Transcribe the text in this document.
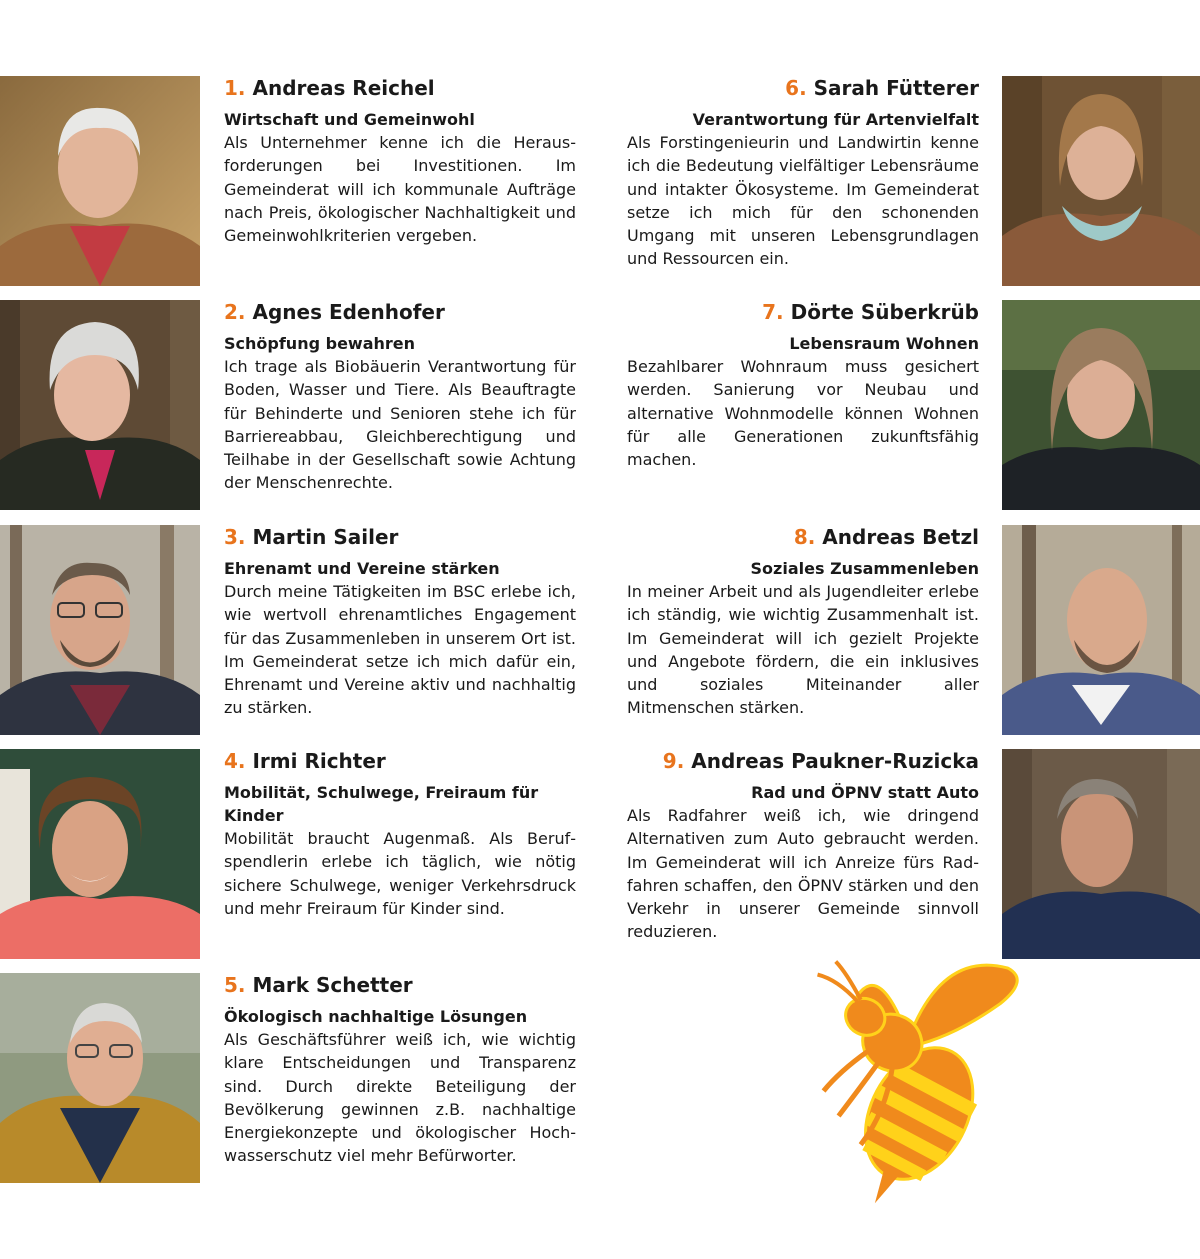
1. Andreas Reichel

Wirtschaft und Gemeinwohl

Als Unternehmer kenne ich die Herausforderungen bei Investitionen. Im Gemeinderat will ich kommunale Aufträge nach Preis, ökologischer Nachhaltigkeit und Gemeinwohlkriterien vergeben.

2. Agnes Edenhofer

Schöpfung bewahren

Ich trage als Biobäuerin Verantwortung für Boden, Wasser und Tiere. Als Beauftragte für Behinderte und Senioren stehe ich für Barriereabbau, Gleichberechtigung und Teilhabe in der Gesellschaft sowie Achtung der Menschenrechte.

3. Martin Sailer

Ehrenamt und Vereine stärken

Durch meine Tätigkeiten im BSC erlebe ich, wie wertvoll ehrenamtliches Engagement für das Zusammenleben in unserem Ort ist. Im Gemeinderat setze ich mich dafür ein, Ehrenamt und Vereine aktiv und nachhaltig zu stärken.

4. Irmi Richter

Mobilität, Schulwege, Freiraum für Kinder

Mobilität braucht Augenmaß. Als Berufspendlerin erlebe ich täglich, wie nötig sichere Schulwege, weniger Verkehrsdruck und mehr Freiraum für Kinder sind.

5. Mark Schetter

Ökologisch nachhaltige Lösungen

Als Geschäftsführer weiß ich, wie wichtig klare Entscheidungen und Transparenz sind. Durch direkte Beteiligung der Bevölkerung gewinnen z.B. nachhaltige Energiekonzepte und ökologischer Hochwasserschutz viel mehr Befürworter.

6. Sarah Fütterer

Verantwortung für Artenvielfalt

Als Forstingenieurin und Landwirtin kenne ich die Bedeutung vielfältiger Lebensräume und intakter Ökosysteme. Im Gemeinderat setze ich mich für den schonenden Umgang mit unseren Lebensgrundlagen und Ressourcen ein.

7. Dörte Süberkrüb

Lebensraum Wohnen

Bezahlbarer Wohnraum muss gesichert werden. Sanierung vor Neubau und alternative Wohnmodelle können Wohnen für alle Generationen zukunftsfähig machen.

8. Andreas Betzl

Soziales Zusammenleben

In meiner Arbeit und als Jugendleiter erlebe ich ständig, wie wichtig Zusammenhalt ist. Im Gemeinderat will ich gezielt Projekte und Angebote fördern, die ein inklusives und soziales Miteinander aller Mitmenschen stärken.

9. Andreas Paukner-Ruzicka

Rad und ÖPNV statt Auto

Als Radfahrer weiß ich, wie dringend Alternativen zum Auto gebraucht werden. Im Gemeinderat will ich Anreize fürs Radfahren schaffen, den ÖPNV stärken und den Verkehr in unserer Gemeinde sinnvoll reduzieren.
